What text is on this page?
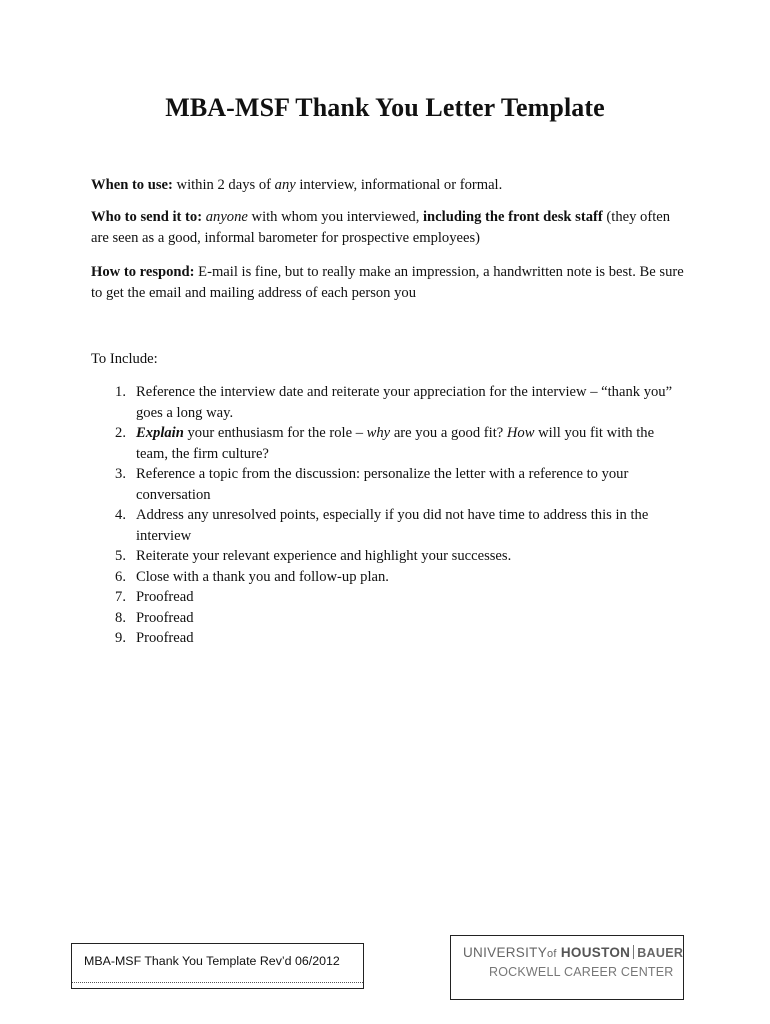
MBA-MSF Thank You Letter Template
When to use: within 2 days of any interview, informational or formal.
Who to send it to: anyone with whom you interviewed, including the front desk staff (they often are seen as a good, informal barometer for prospective employees)
How to respond: E-mail is fine, but to really make an impression, a handwritten note is best. Be sure to get the email and mailing address of each person you
To Include:

1. Reference the interview date and reiterate your appreciation for the interview – “thank you” goes a long way.

2. Explain your enthusiasm for the role – why are you a good fit? How will you fit with the team, the firm culture?

3. Reference a topic from the discussion: personalize the letter with a reference to your conversation

4. Address any unresolved points, especially if you did not have time to address this in the interview

5. Reiterate your relevant experience and highlight your successes.

6. Close with a thank you and follow-up plan.

7. Proofread

8. Proofread

9. Proofread

MBA-MSF Thank You Template Rev’d 06/2012
UNIVERSITYof HOUSTON BAUER
ROCKWELL CAREER CENTER
